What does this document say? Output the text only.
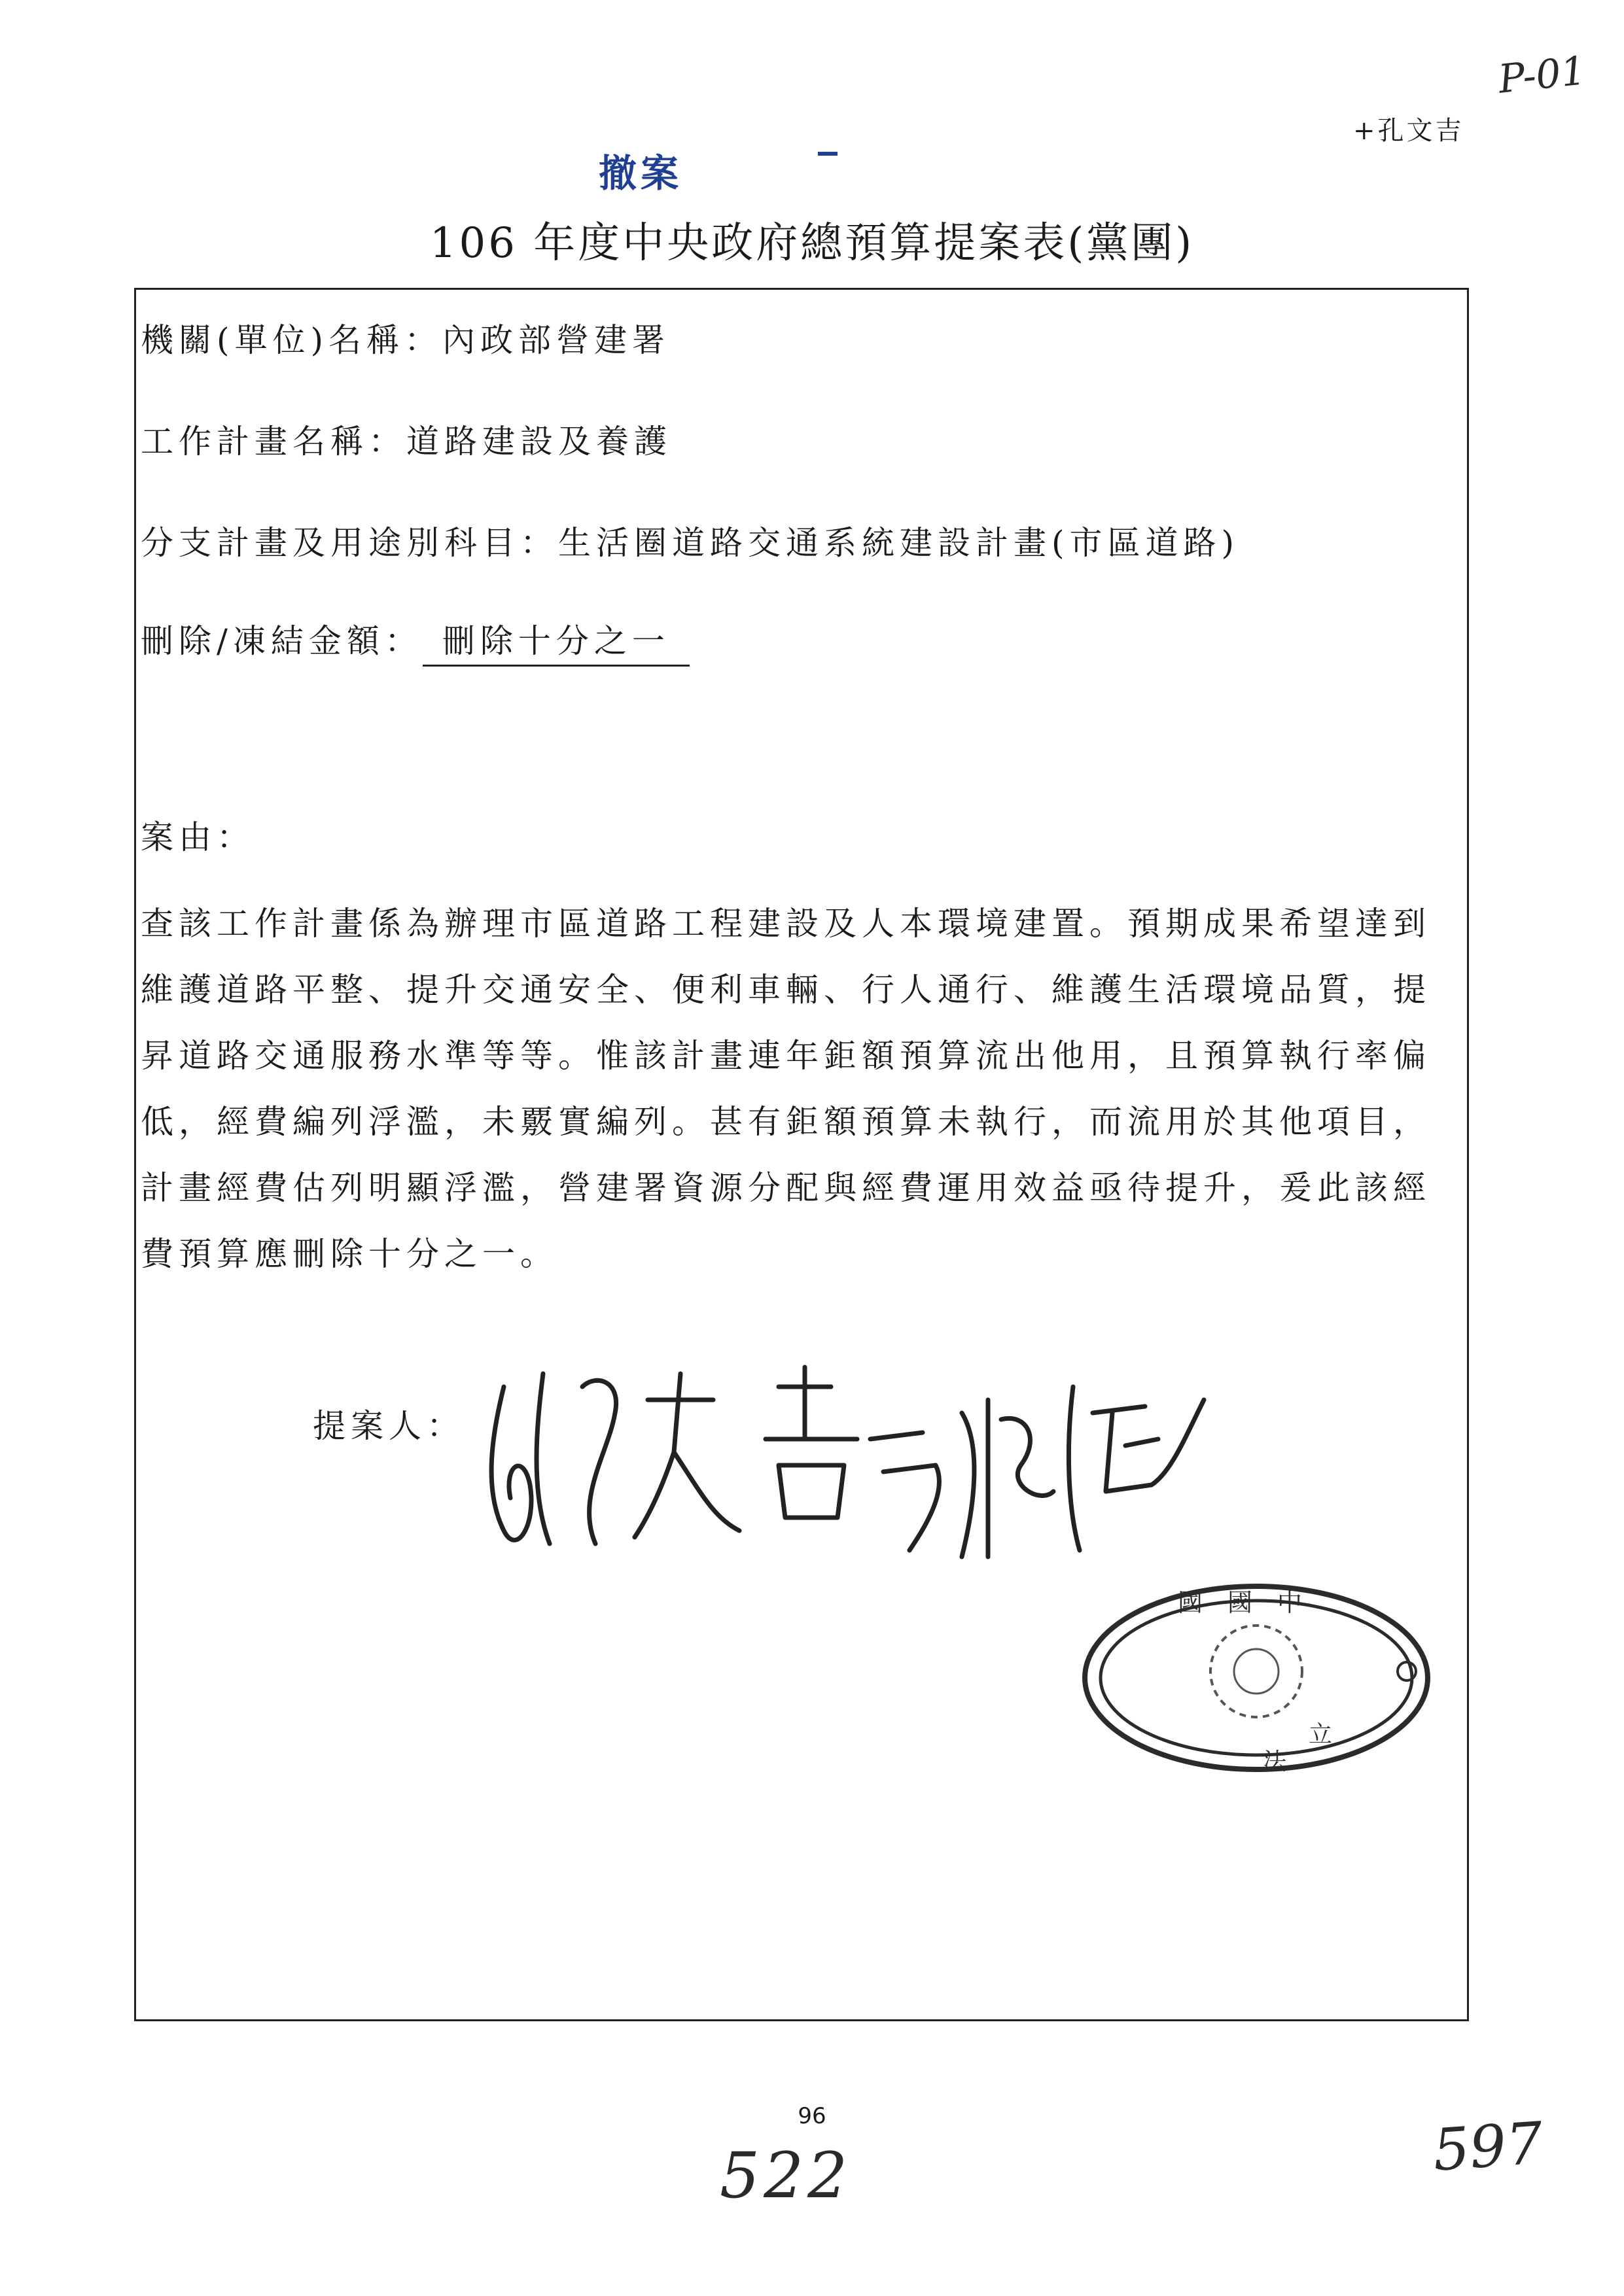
P-01
+孔文吉
撤案
106 年度中央政府總預算提案表(黨團)
機關(單位)名稱：內政部營建署
工作計畫名稱：道路建設及養護
分支計畫及用途別科目：生活圈道路交通系統建設計畫(市區道路)
刪除/凍結金額： 刪除十分之一
案由：
查該工作計畫係為辦理市區道路工程建設及人本環境建置。預期成果希望達到
維護道路平整、提升交通安全、便利車輛、行人通行、維護生活環境品質，提
昇道路交通服務水準等等。惟該計畫連年鉅額預算流出他用，且預算執行率偏
低，經費編列浮濫，未覈實編列。甚有鉅額預算未執行，而流用於其他項目，
計畫經費估列明顯浮濫，營建署資源分配與經費運用效益亟待提升，爰此該經
費預算應刪除十分之一。
提案人：
孔文吉 江啟臣
國　國　中
立
法
立法院中國國民黨黨團
96
522	597
